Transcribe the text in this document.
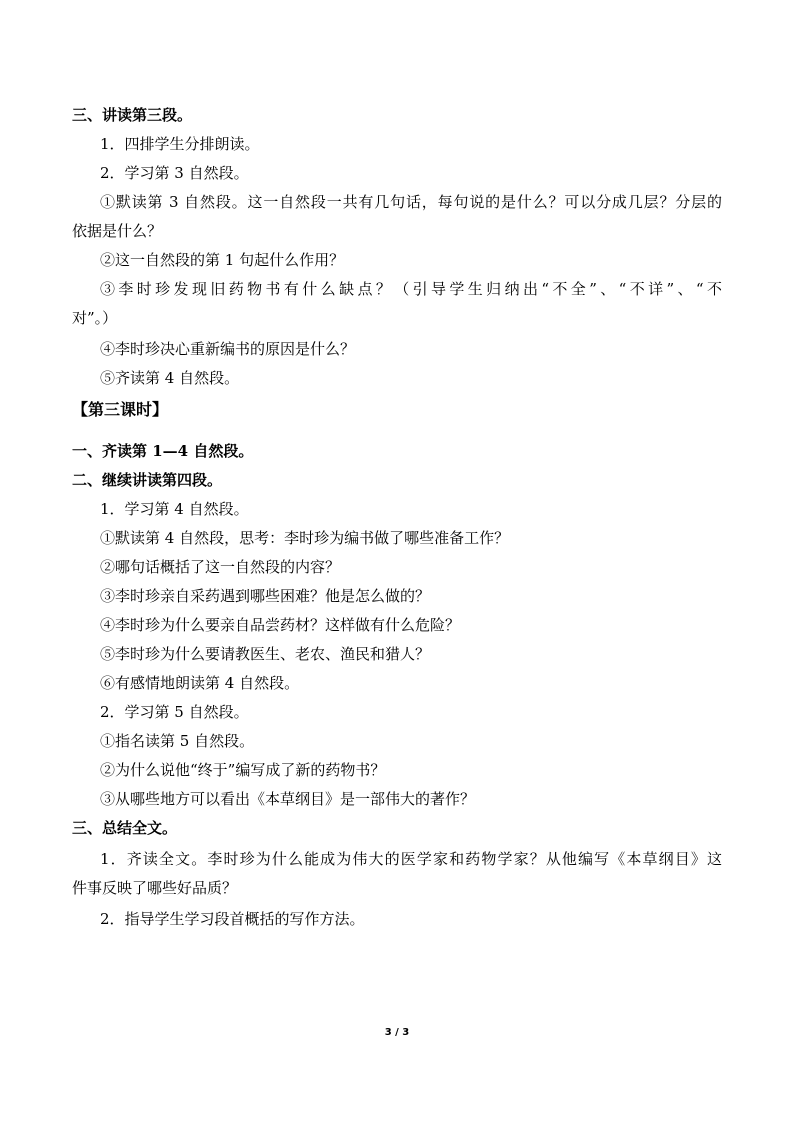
三、讲读第三段。
1．四排学生分排朗读。
2．学习第 3 自然段。
①默读第 3 自然段。这一自然段一共有几句话，每句说的是什么？可以分成几层？分层的
依据是什么？
②这一自然段的第 1 句起什么作用？
③李时珍发现旧药物书有什么缺点？（引导学生归纳出“不全”、“不详”、“不
对”。）
④李时珍决心重新编书的原因是什么？
⑤齐读第 4 自然段。
【第三课时】
一、齐读第 1—4 自然段。
二、继续讲读第四段。
1．学习第 4 自然段。
①默读第 4 自然段，思考：李时珍为编书做了哪些准备工作？
②哪句话概括了这一自然段的内容？
③李时珍亲自采药遇到哪些困难？他是怎么做的？
④李时珍为什么要亲自品尝药材？这样做有什么危险？
⑤李时珍为什么要请教医生、老农、渔民和猎人？
⑥有感情地朗读第 4 自然段。
2．学习第 5 自然段。
①指名读第 5 自然段。
②为什么说他“终于”编写成了新的药物书？
③从哪些地方可以看出《本草纲目》是一部伟大的著作？
三、总结全文。
1．齐读全文。李时珍为什么能成为伟大的医学家和药物学家？从他编写《本草纲目》这
件事反映了哪些好品质？
2．指导学生学习段首概括的写作方法。
3 / 3
